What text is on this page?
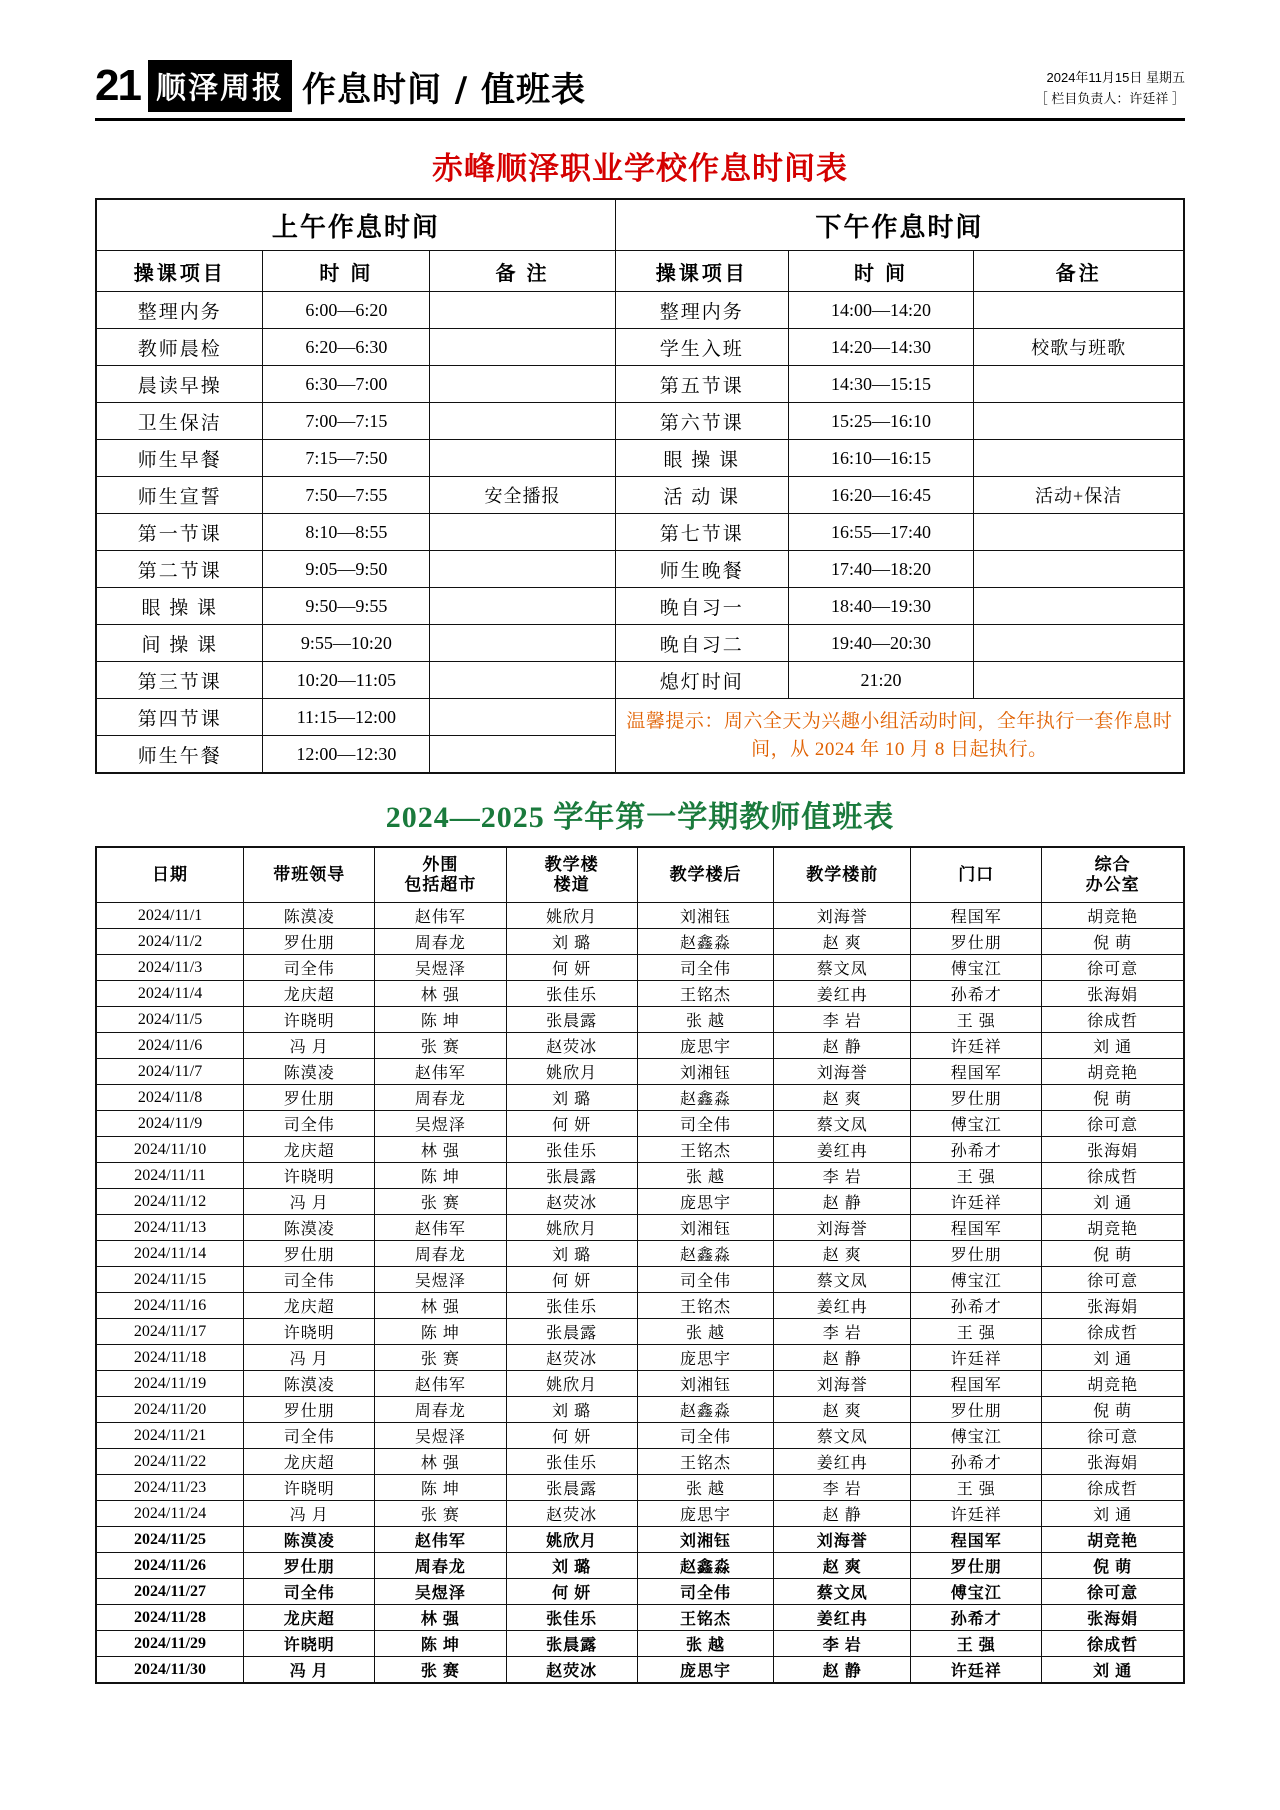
21 顺泽周报 作息时间 / 值班表	2024年11月15日 星期五
［ 栏目负责人：许廷祥 ］
赤峰顺泽职业学校作息时间表
上午作息时间			下午作息时间		
操课项目	时 间	备 注	操课项目	时 间	备注
整理内务	6:00—6:20		整理内务	14:00—14:20	
教师晨检	6:20—6:30		学生入班	14:20—14:30	校歌与班歌
晨读早操	6:30—7:00		第五节课	14:30—15:15	
卫生保洁	7:00—7:15		第六节课	15:25—16:10	
师生早餐	7:15—7:50		眼 操 课	16:10—16:15	
师生宣誓	7:50—7:55	安全播报	活 动 课	16:20—16:45	活动+保洁
第一节课	8:10—8:55		第七节课	16:55—17:40	
第二节课	9:05—9:50		师生晚餐	17:40—18:20	
眼 操 课	9:50—9:55		晚自习一	18:40—19:30	
间 操 课	9:55—10:20		晚自习二	19:40—20:30	
第三节课	10:20—11:05		熄灯时间	21:20	
第四节课	11:15—12:00		温馨提示：周六全天为兴趣小组活动时间，全年执行一套作息时间，从 2024 年 10 月 8 日起执行。		
师生午餐	12:00—12:30				
2024—2025 学年第一学期教师值班表
日期	带班领导	外围
包括超市	教学楼
楼道	教学楼后	教学楼前	门口	综合
办公室
2024/11/1	陈漠凌	赵伟军	姚欣月	刘湘钰	刘海誉	程国军	胡竞艳
2024/11/2	罗仕朋	周春龙	刘 璐	赵鑫淼	赵 爽	罗仕朋	倪 萌
2024/11/3	司全伟	吴煜泽	何 妍	司全伟	蔡文凤	傅宝江	徐可意
2024/11/4	龙庆超	林 强	张佳乐	王铭杰	姜红冉	孙希才	张海娟
2024/11/5	许晓明	陈 坤	张晨露	张 越	李 岩	王 强	徐成哲
2024/11/6	冯 月	张 赛	赵荧冰	庞思宇	赵 静	许廷祥	刘 通
2024/11/7	陈漠凌	赵伟军	姚欣月	刘湘钰	刘海誉	程国军	胡竞艳
2024/11/8	罗仕朋	周春龙	刘 璐	赵鑫淼	赵 爽	罗仕朋	倪 萌
2024/11/9	司全伟	吴煜泽	何 妍	司全伟	蔡文凤	傅宝江	徐可意
2024/11/10	龙庆超	林 强	张佳乐	王铭杰	姜红冉	孙希才	张海娟
2024/11/11	许晓明	陈 坤	张晨露	张 越	李 岩	王 强	徐成哲
2024/11/12	冯 月	张 赛	赵荧冰	庞思宇	赵 静	许廷祥	刘 通
2024/11/13	陈漠凌	赵伟军	姚欣月	刘湘钰	刘海誉	程国军	胡竞艳
2024/11/14	罗仕朋	周春龙	刘 璐	赵鑫淼	赵 爽	罗仕朋	倪 萌
2024/11/15	司全伟	吴煜泽	何 妍	司全伟	蔡文凤	傅宝江	徐可意
2024/11/16	龙庆超	林 强	张佳乐	王铭杰	姜红冉	孙希才	张海娟
2024/11/17	许晓明	陈 坤	张晨露	张 越	李 岩	王 强	徐成哲
2024/11/18	冯 月	张 赛	赵荧冰	庞思宇	赵 静	许廷祥	刘 通
2024/11/19	陈漠凌	赵伟军	姚欣月	刘湘钰	刘海誉	程国军	胡竞艳
2024/11/20	罗仕朋	周春龙	刘 璐	赵鑫淼	赵 爽	罗仕朋	倪 萌
2024/11/21	司全伟	吴煜泽	何 妍	司全伟	蔡文凤	傅宝江	徐可意
2024/11/22	龙庆超	林 强	张佳乐	王铭杰	姜红冉	孙希才	张海娟
2024/11/23	许晓明	陈 坤	张晨露	张 越	李 岩	王 强	徐成哲
2024/11/24	冯 月	张 赛	赵荧冰	庞思宇	赵 静	许廷祥	刘 通
2024/11/25	陈漠凌	赵伟军	姚欣月	刘湘钰	刘海誉	程国军	胡竞艳
2024/11/26	罗仕朋	周春龙	刘 璐	赵鑫淼	赵 爽	罗仕朋	倪 萌
2024/11/27	司全伟	吴煜泽	何 妍	司全伟	蔡文凤	傅宝江	徐可意
2024/11/28	龙庆超	林 强	张佳乐	王铭杰	姜红冉	孙希才	张海娟
2024/11/29	许晓明	陈 坤	张晨露	张 越	李 岩	王 强	徐成哲
2024/11/30	冯 月	张 赛	赵荧冰	庞思宇	赵 静	许廷祥	刘 通
